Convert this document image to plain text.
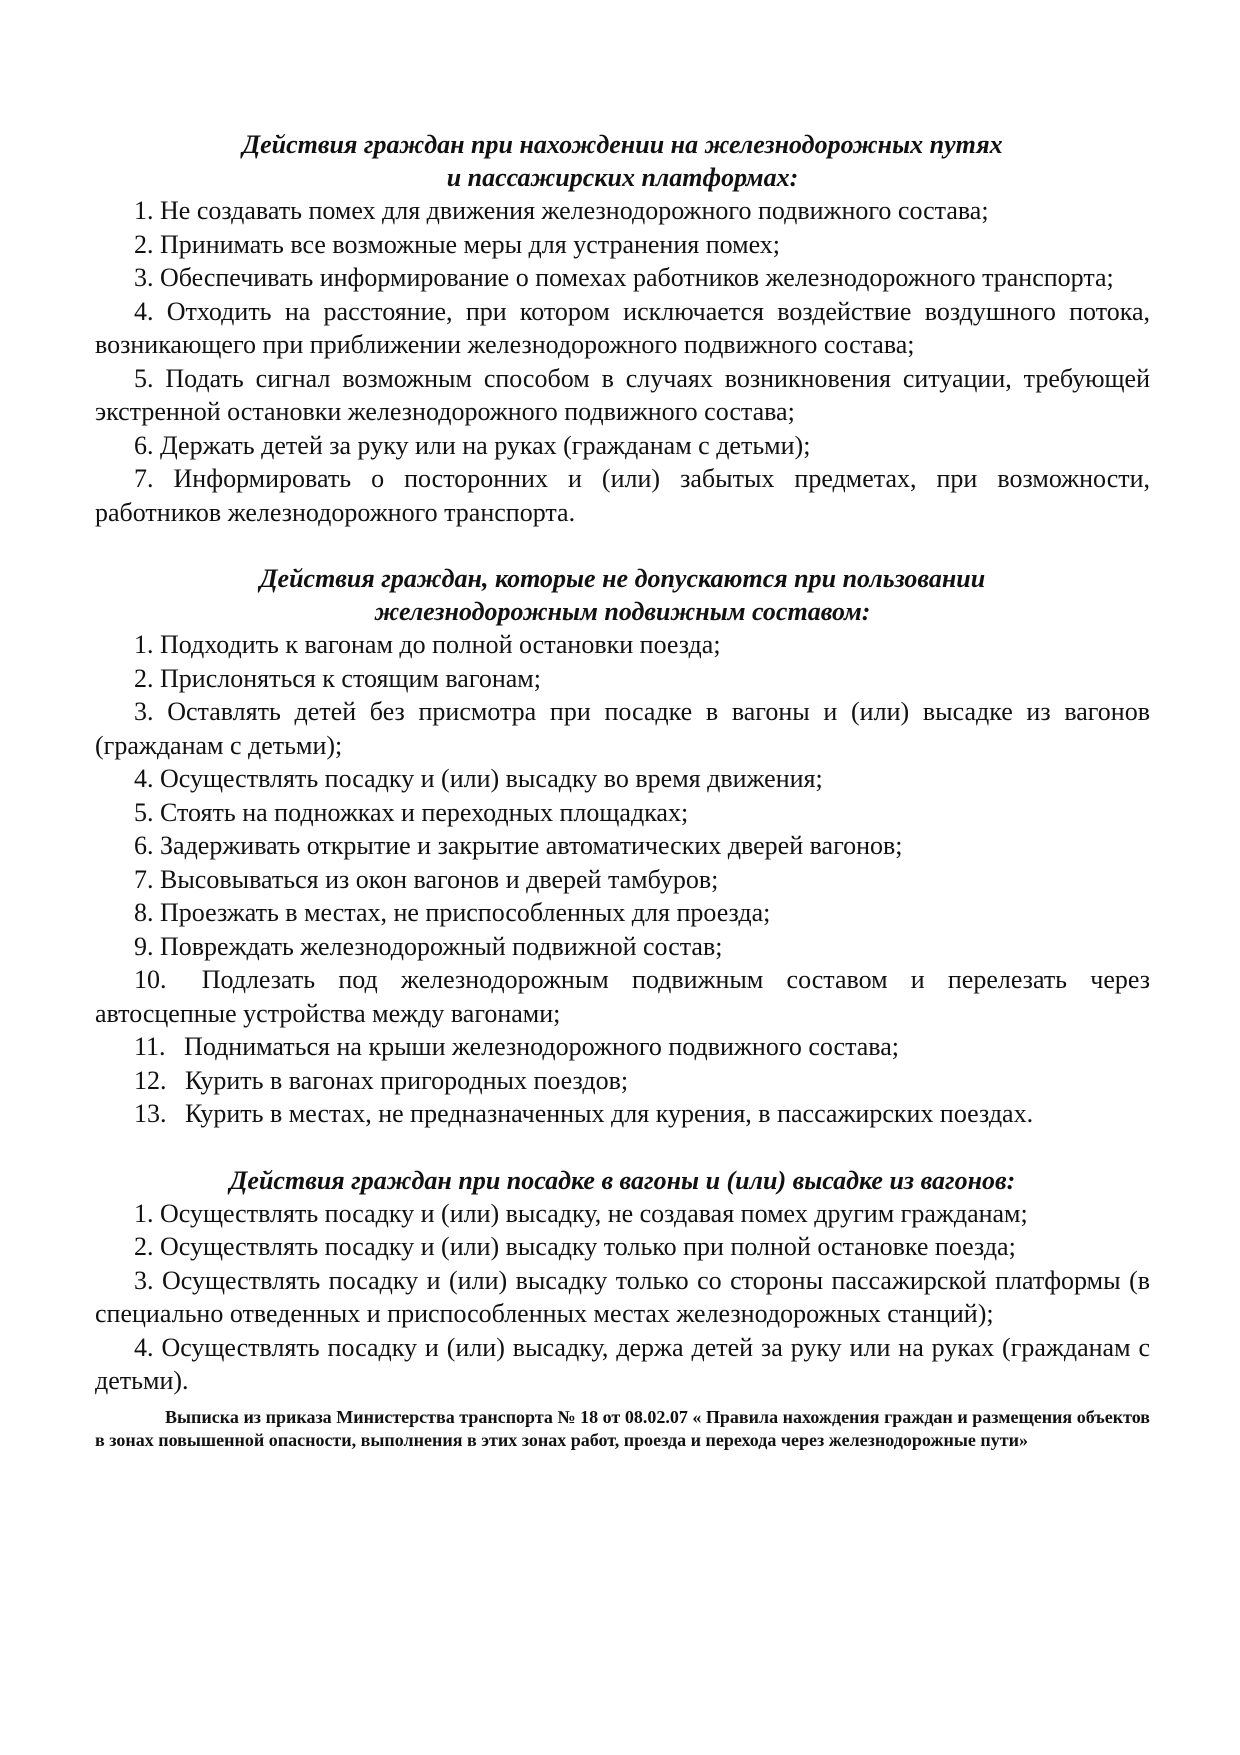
Действия граждан при нахождении на железнодорожных путях
и пассажирских платформах:

1. Не создавать помех для движения железнодорожного подвижного состава;

2. Принимать все возможные меры для устранения помех;

3. Обеспечивать информирование о помехах работников железнодорожного транспорта;

4. Отходить на расстояние, при котором исключается воздействие воздушного потока, возникающего при приближении железнодорожного подвижного состава;

5. Подать сигнал возможным способом в случаях возникновения ситуации, требующей экстренной остановки железнодорожного подвижного состава;

6. Держать детей за руку или на руках (гражданам с детьми);

7. Информировать о посторонних и (или) забытых предметах, при возможности, работников железнодорожного транспорта.

Действия граждан, которые не допускаются при пользовании
железнодорожным подвижным составом:

1. Подходить к вагонам до полной остановки поезда;

2. Прислоняться к стоящим вагонам;

3. Оставлять детей без присмотра при посадке в вагоны и (или) высадке из вагонов (гражданам с детьми);

4. Осуществлять посадку и (или) высадку во время движения;

5. Стоять на подножках и переходных площадках;

6. Задерживать открытие и закрытие автоматических дверей вагонов;

7. Высовываться из окон вагонов и дверей тамбуров;

8. Проезжать в местах, не приспособленных для проезда;

9. Повреждать железнодорожный подвижной состав;

10. Подлезать под железнодорожным подвижным составом и перелезать через автосцепные устройства между вагонами;

11. Подниматься на крыши железнодорожного подвижного состава;

12. Курить в вагонах пригородных поездов;

13. Курить в местах, не предназначенных для курения, в пассажирских поездах.

Действия граждан при посадке в вагоны и (или) высадке из вагонов:

1. Осуществлять посадку и (или) высадку, не создавая помех другим гражданам;

2. Осуществлять посадку и (или) высадку только при полной остановке поезда;

3. Осуществлять посадку и (или) высадку только со стороны пассажирской платформы (в специально отведенных и приспособленных местах железнодорожных станций);

4. Осуществлять посадку и (или) высадку, держа детей за руку или на руках (гражданам с детьми).

Выписка из приказа Министерства транспорта № 18 от 08.02.07 « Правила нахождения граждан и размещения объектов в зонах повышенной опасности, выполнения в этих зонах работ, проезда и перехода через железнодорожные пути»
